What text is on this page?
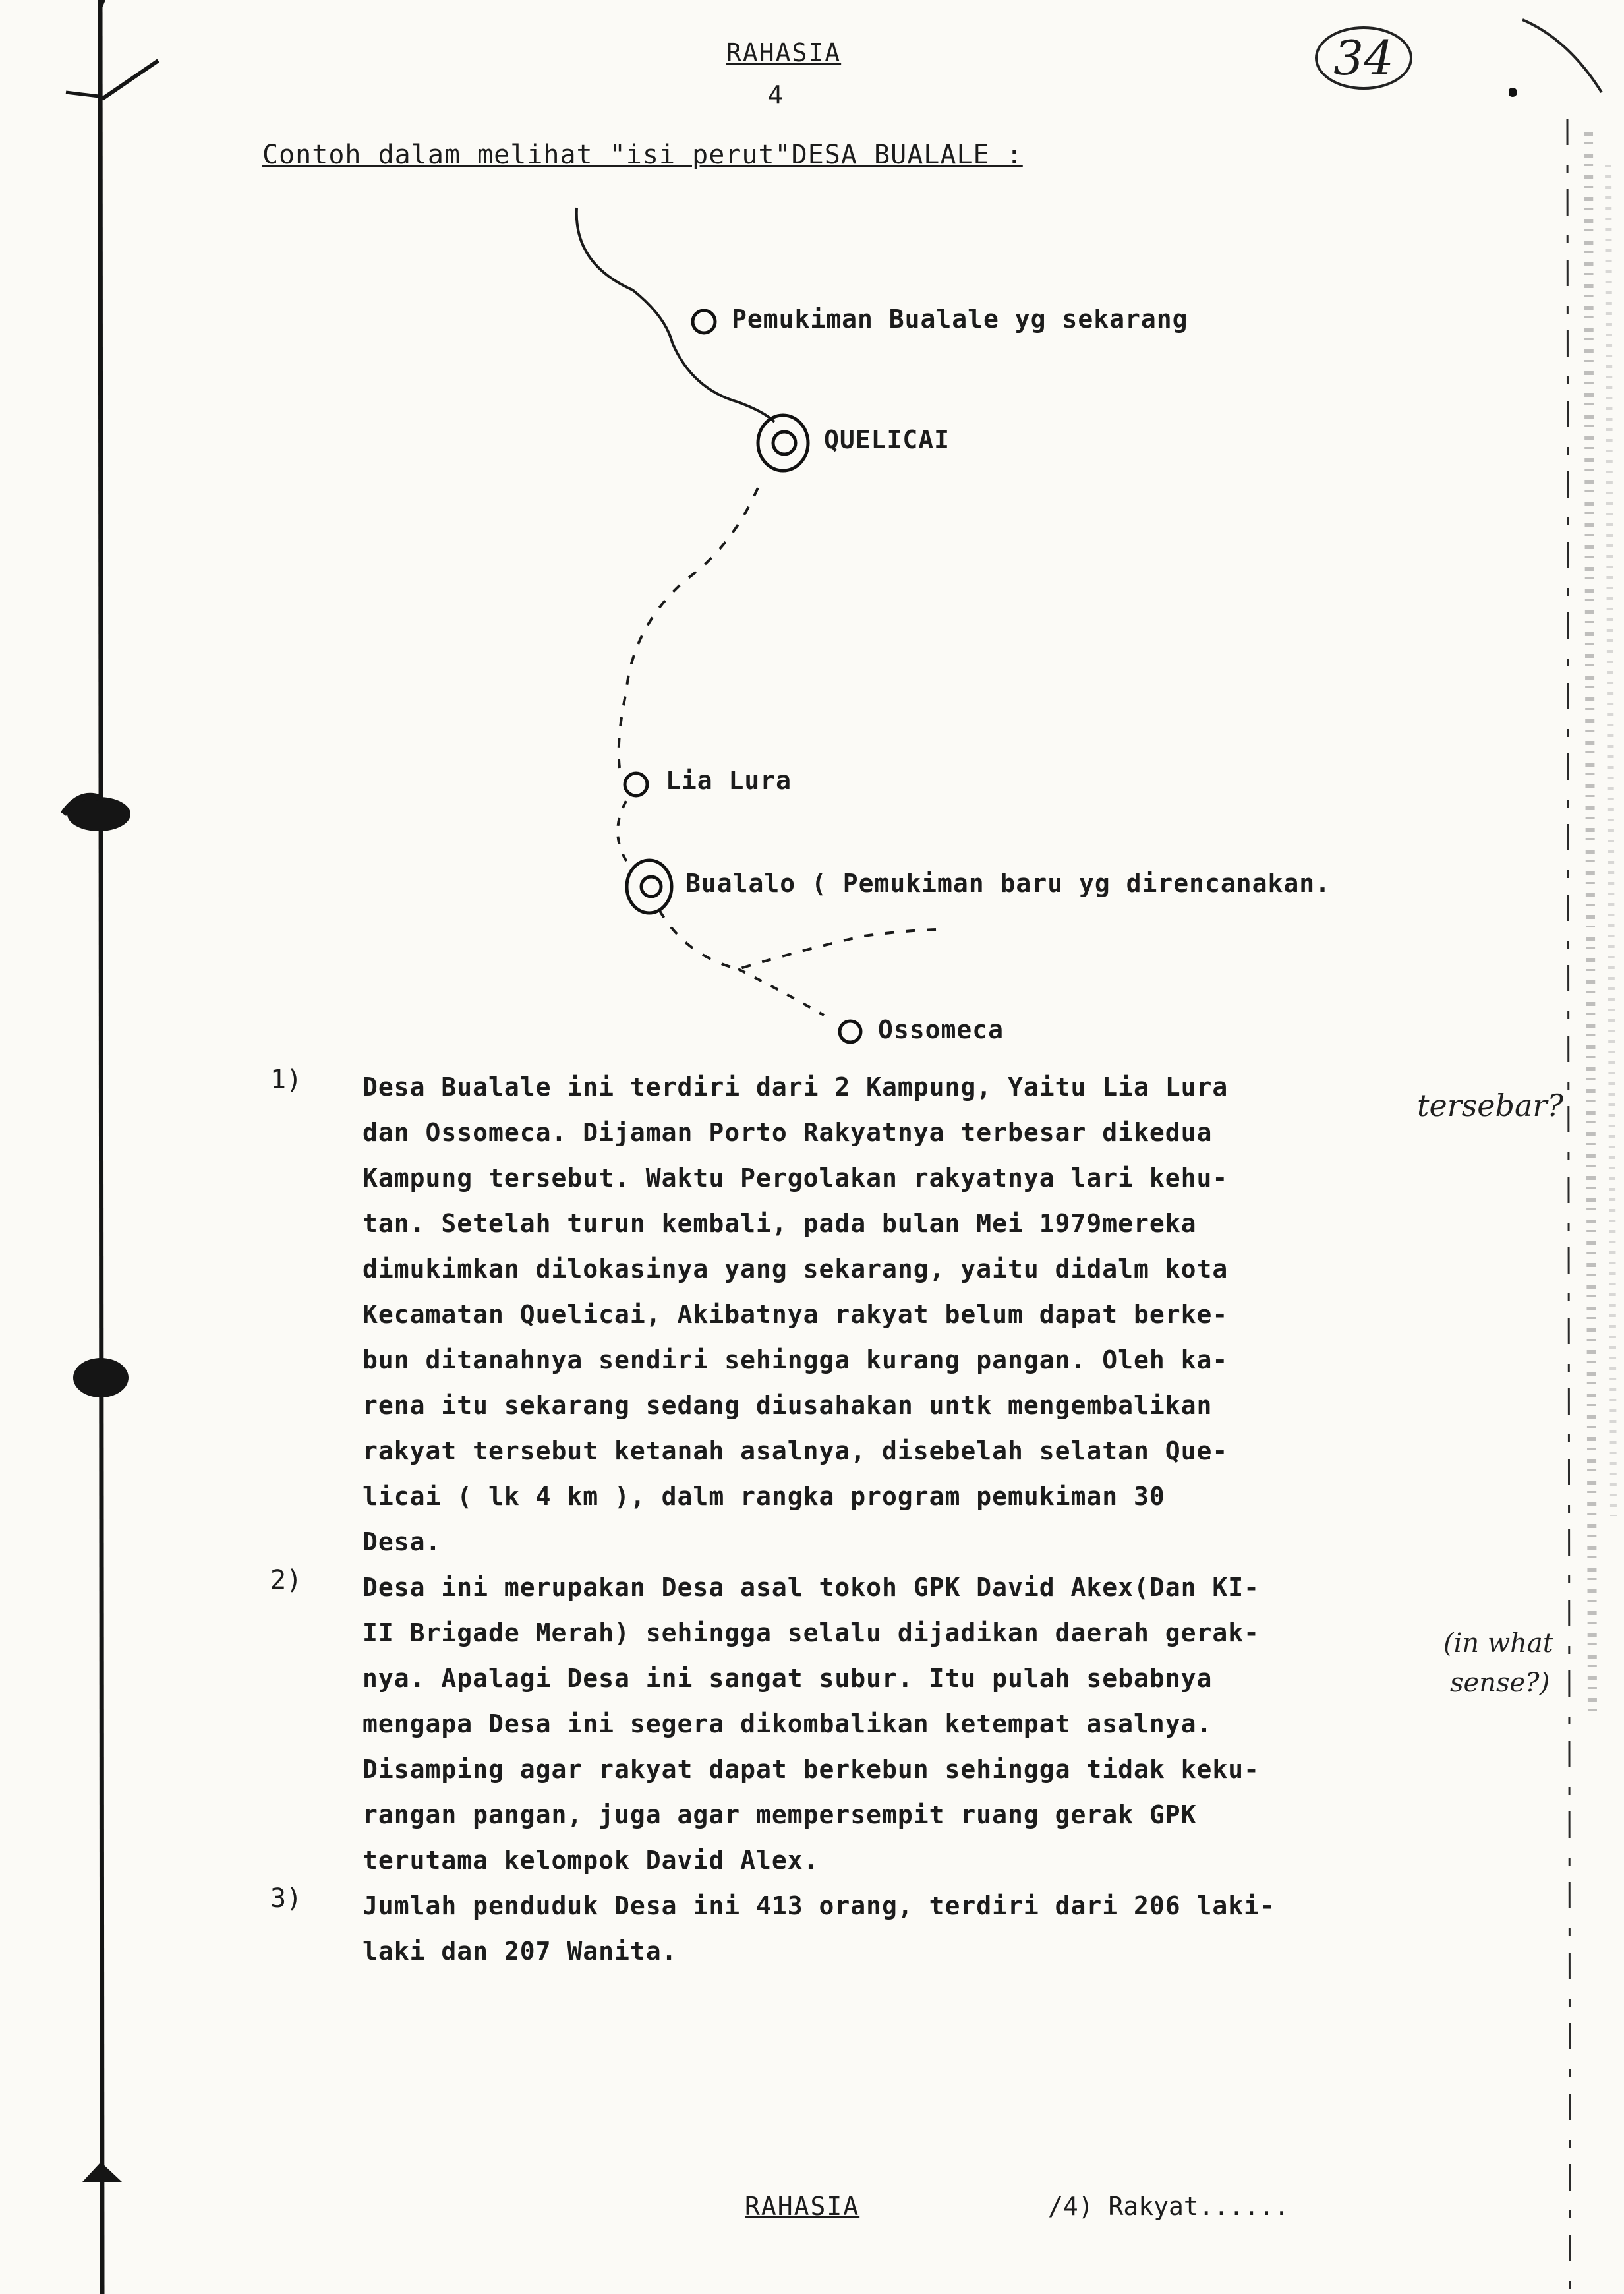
RAHASIA
4
34
Contoh dalam melihat "isi perut"DESA BUALALE :
Pemukiman Bualale yg sekarang
QUELICAI
Lia Lura
Bualalo ( Pemukiman baru yg direncanakan.
Ossomeca
1) Desa Bualale ini terdiri dari 2 Kampung, Yaitu Lia Lura
dan Ossomeca. Dijaman Porto Rakyatnya terbesar dikedua
Kampung tersebut. Waktu Pergolakan rakyatnya lari kehu-
tan. Setelah turun kembali, pada bulan Mei 1979mereka
dimukimkan dilokasinya yang sekarang, yaitu didalm kota
Kecamatan Quelicai, Akibatnya rakyat belum dapat berke-
bun ditanahnya sendiri sehingga kurang pangan. Oleh ka-
rena itu sekarang sedang diusahakan untk mengembalikan
rakyat tersebut ketanah asalnya, disebelah selatan Que-
licai ( lk 4 km ), dalm rangka program pemukiman 30
Desa.
2) Desa ini merupakan Desa asal tokoh GPK David Akex(Dan KI-
II Brigade Merah) sehingga selalu dijadikan daerah gerak-
nya. Apalagi Desa ini sangat subur. Itu pulah sebabnya
mengapa Desa ini segera dikombalikan ketempat asalnya.
Disamping agar rakyat dapat berkebun sehingga tidak keku-
rangan pangan, juga agar mempersempit ruang gerak GPK
terutama kelompok David Alex.
3) Jumlah penduduk Desa ini 413 orang, terdiri dari 206 laki-
laki dan 207 Wanita.
tersebar?
(in what
sense?)
RAHASIA	/4) Rakyat......
